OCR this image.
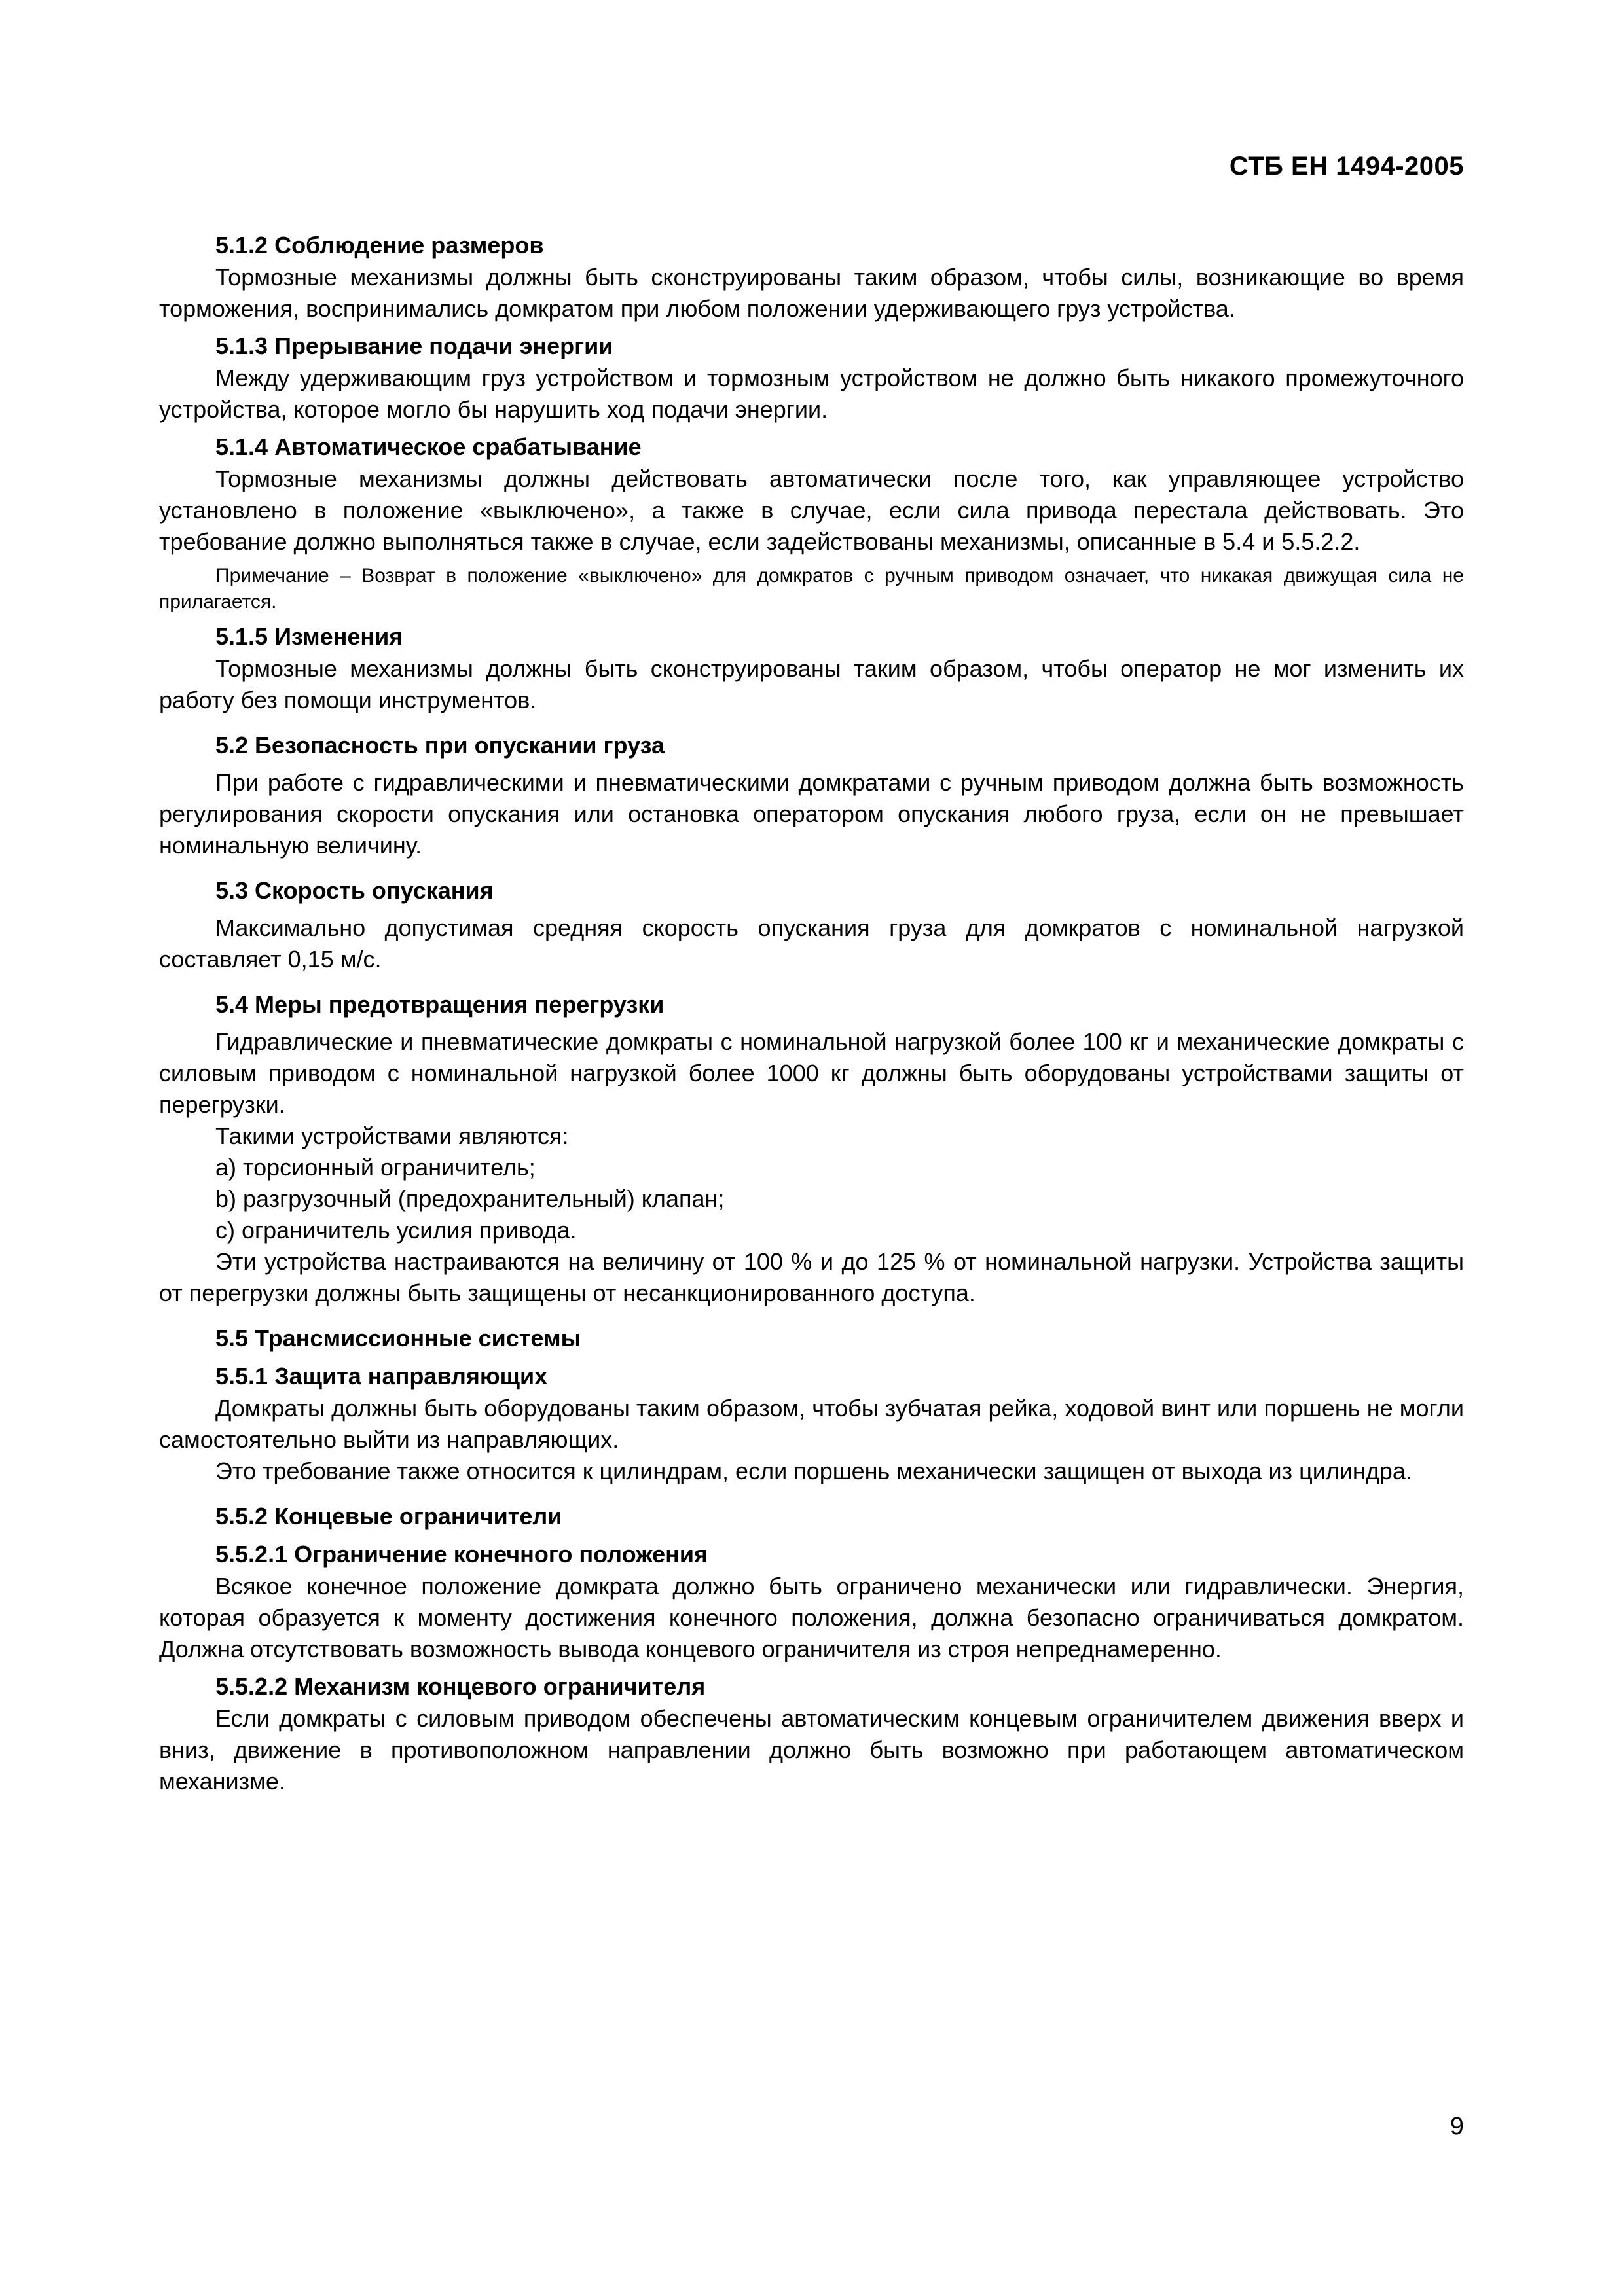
СТБ ЕН 1494-2005

5.1.2 Соблюдение размеров

Тормозные механизмы должны быть сконструированы таким образом, чтобы силы, возникающие во время торможения, воспринимались домкратом при любом положении удерживающего груз устройства.

5.1.3 Прерывание подачи энергии

Между удерживающим груз устройством и тормозным устройством не должно быть никакого промежуточного устройства, которое могло бы нарушить ход подачи энергии.

5.1.4 Автоматическое срабатывание

Тормозные механизмы должны действовать автоматически после того, как управляющее устройство установлено в положение «выключено», а также в случае, если сила привода перестала действовать. Это требование должно выполняться также в случае, если задействованы механизмы, описанные в 5.4 и 5.5.2.2.

Примечание – Возврат в положение «выключено» для домкратов с ручным приводом означает, что никакая движущая сила не прилагается.

5.1.5 Изменения

Тормозные механизмы должны быть сконструированы таким образом, чтобы оператор не мог изменить их работу без помощи инструментов.

5.2 Безопасность при опускании груза

При работе с гидравлическими и пневматическими домкратами с ручным приводом должна быть возможность регулирования скорости опускания или остановка оператором опускания любого груза, если он не превышает номинальную величину.

5.3 Скорость опускания

Максимально допустимая средняя скорость опускания груза для домкратов с номинальной нагрузкой составляет 0,15 м/с.

5.4 Меры предотвращения перегрузки

Гидравлические и пневматические домкраты с номинальной нагрузкой более 100 кг и механические домкраты с силовым приводом с номинальной нагрузкой более 1000 кг должны быть оборудованы устройствами защиты от перегрузки.

Такими устройствами являются:

a) торсионный ограничитель;

b) разгрузочный (предохранительный) клапан;

c) ограничитель усилия привода.

Эти устройства настраиваются на величину от 100 % и до 125 % от номинальной нагрузки. Устройства защиты от перегрузки должны быть защищены от несанкционированного доступа.

5.5 Трансмиссионные системы

5.5.1 Защита направляющих

Домкраты должны быть оборудованы таким образом, чтобы зубчатая рейка, ходовой винт или поршень не могли самостоятельно выйти из направляющих.

Это требование также относится к цилиндрам, если поршень механически защищен от выхода из цилиндра.

5.5.2 Концевые ограничители

5.5.2.1 Ограничение конечного положения

Всякое конечное положение домкрата должно быть ограничено механически или гидравлически. Энергия, которая образуется к моменту достижения конечного положения, должна безопасно ограничиваться домкратом. Должна отсутствовать возможность вывода концевого ограничителя из строя непреднамеренно.

5.5.2.2 Механизм концевого ограничителя

Если домкраты с силовым приводом обеспечены автоматическим концевым ограничителем движения вверх и вниз, движение в противоположном направлении должно быть возможно при работающем автоматическом механизме.

9
